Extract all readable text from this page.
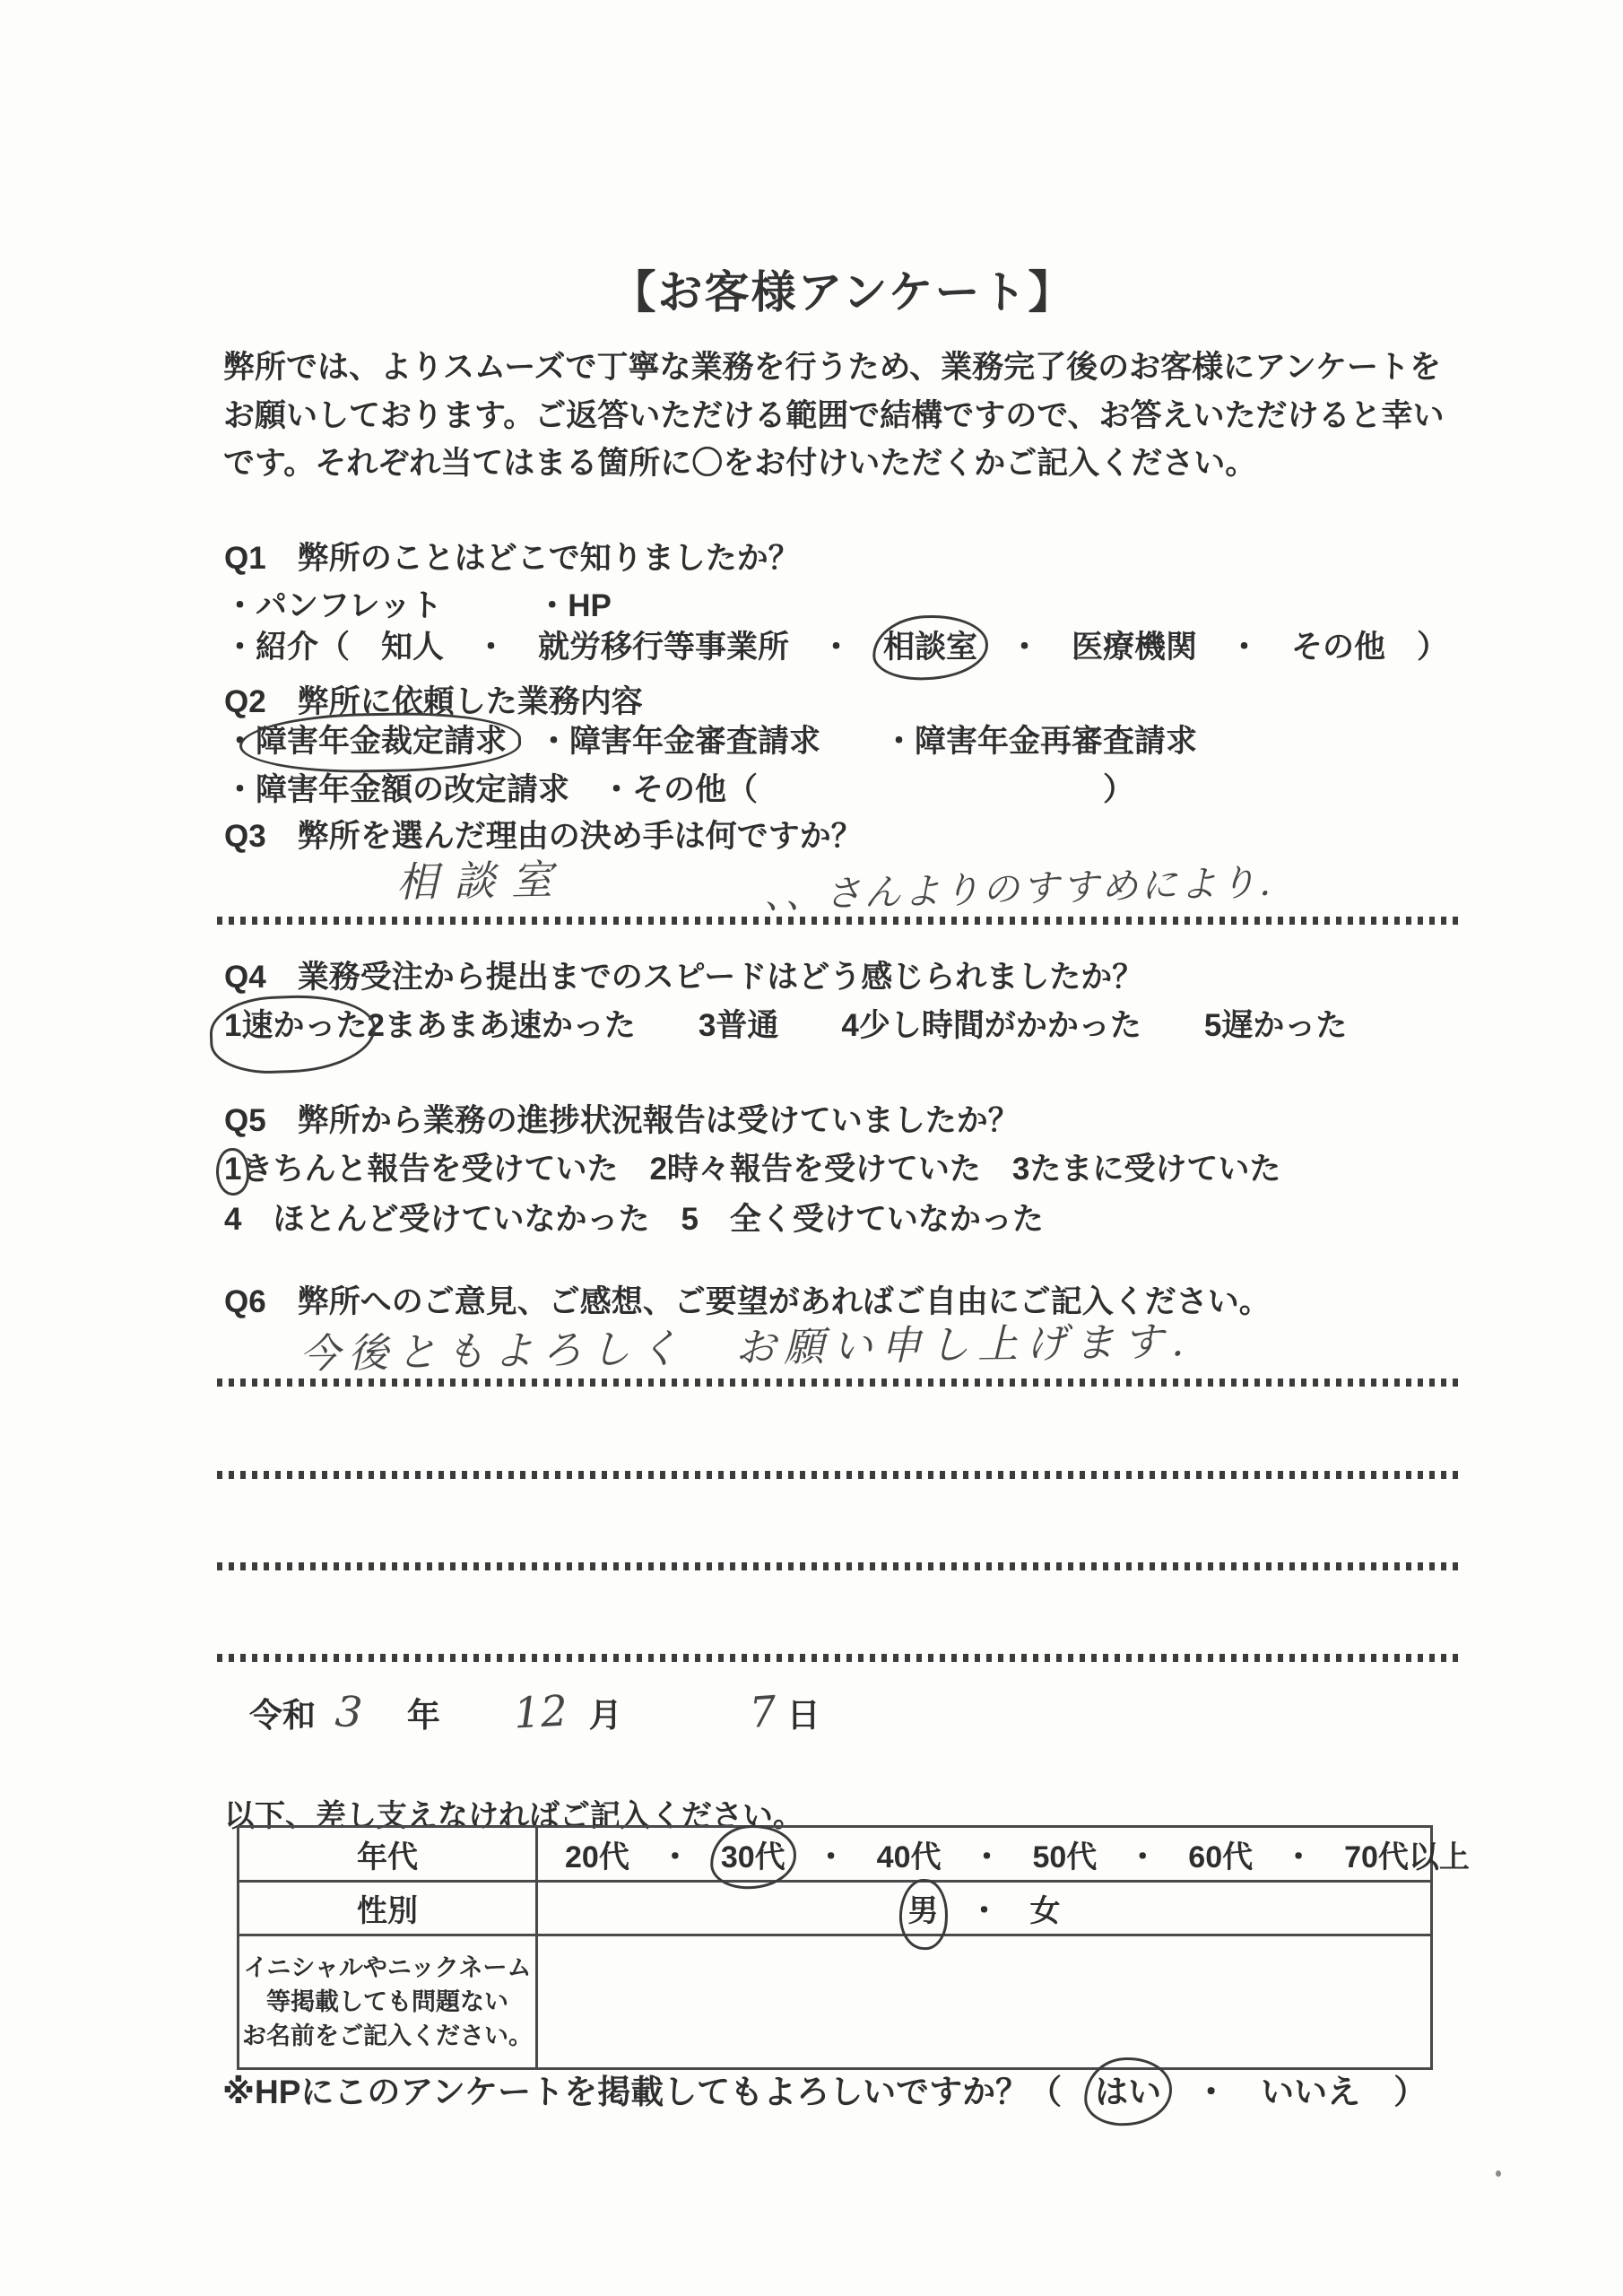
【お客様アンケート】

弊所では、よりスムーズで丁寧な業務を行うため、業務完了後のお客様にアンケートをお願いしております。ご返答いただける範囲で結構ですので、お答えいただけると幸いです。それぞれ当てはまる箇所に〇をお付けいただくかご記入ください。

Q1　弊所のことはどこで知りましたか？
・パンフレット　　　・HP
・紹介（　知人　・　就労移行等事業所　・　相談室　・　医療機関　・　その他　）
Q2　弊所に依頼した業務内容
・障害年金裁定請求　・障害年金審査請求　　・障害年金再審査請求
・障害年金額の改定請求　・その他（　　　　　　　　　　　）
Q3　弊所を選んだ理由の決め手は何ですか？
相談室	、、さんよりのすすめにより.
Q4　業務受注から提出までのスピードはどう感じられましたか？
1速かった2まあまあ速かった　　3普通　　4少し時間がかかった　　5遅かった
Q5　弊所から業務の進捗状況報告は受けていましたか？
1きちんと報告を受けていた　2時々報告を受けていた　3たまに受けていた
4　ほとんど受けていなかった　5　全く受けていなかった
Q6　弊所へのご意見、ご感想、ご要望があればご自由にご記入ください。
今後ともよろしく　お願い申し上げます.
令和 3 年 12 月	7 日
以下、差し支えなければご記入ください。
年代	20代　・　 30代 　・　40代　・　50代　・　60代　・　70代以上
性別	男 　・　女
イニシャルやニックネーム
等掲載しても問題ない
お名前をご記入ください。
※HPにこのアンケートを掲載してもよろしいですか？（　はい　・　いいえ　）
